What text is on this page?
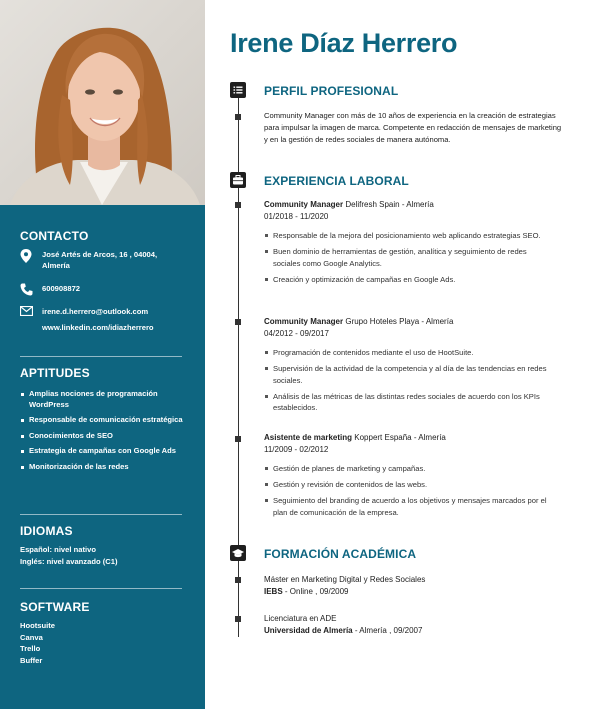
CONTACTO
José Artés de Arcos, 16 , 04004, Almería
600908872
irene.d.herrero@outlook.com
www.linkedin.com/idiazherrero
APTITUDES
Amplias nociones de programación WordPress
Responsable de comunicación estratégica
Conocimientos de SEO
Estrategia de campañas con Google Ads
Monitorización de las redes
IDIOMAS
Español: nivel nativo
Inglés: nivel avanzado (C1)
SOFTWARE
Hootsuite
Canva
Trello
Buffer
Irene Díaz Herrero
PERFIL PROFESIONAL
Community Manager con más de 10 años de experiencia en la creación de estrategias para impulsar la imagen de marca. Competente en redacción de mensajes de marketing y en la gestión de redes sociales de manera autónoma.
EXPERIENCIA LABORAL
Community Manager Delifresh Spain - Almería
01/2018 - 11/2020
Responsable de la mejora del posicionamiento web aplicando estrategias SEO.
Buen dominio de herramientas de gestión, analítica y seguimiento de redes sociales como Google Analytics.
Creación y optimización de campañas en Google Ads.
Community Manager Grupo Hoteles Playa - Almería
04/2012 - 09/2017
Programación de contenidos mediante el uso de HootSuite.
Supervisión de la actividad de la competencia y al día de las tendencias en redes sociales.
Análisis de las métricas de las distintas redes sociales de acuerdo con los KPIs establecidos.
Asistente de marketing Koppert España - Almería
11/2009 - 02/2012
Gestión de planes de marketing y campañas.
Gestión y revisión de contenidos de las webs.
Seguimiento del branding de acuerdo a los objetivos y mensajes marcados por el plan de comunicación de la empresa.
FORMACIÓN ACADÉMICA
Máster en Marketing Digital y Redes Sociales
IEBS - Online , 09/2009
Licenciatura en ADE
Universidad de Almería - Almería , 09/2007
